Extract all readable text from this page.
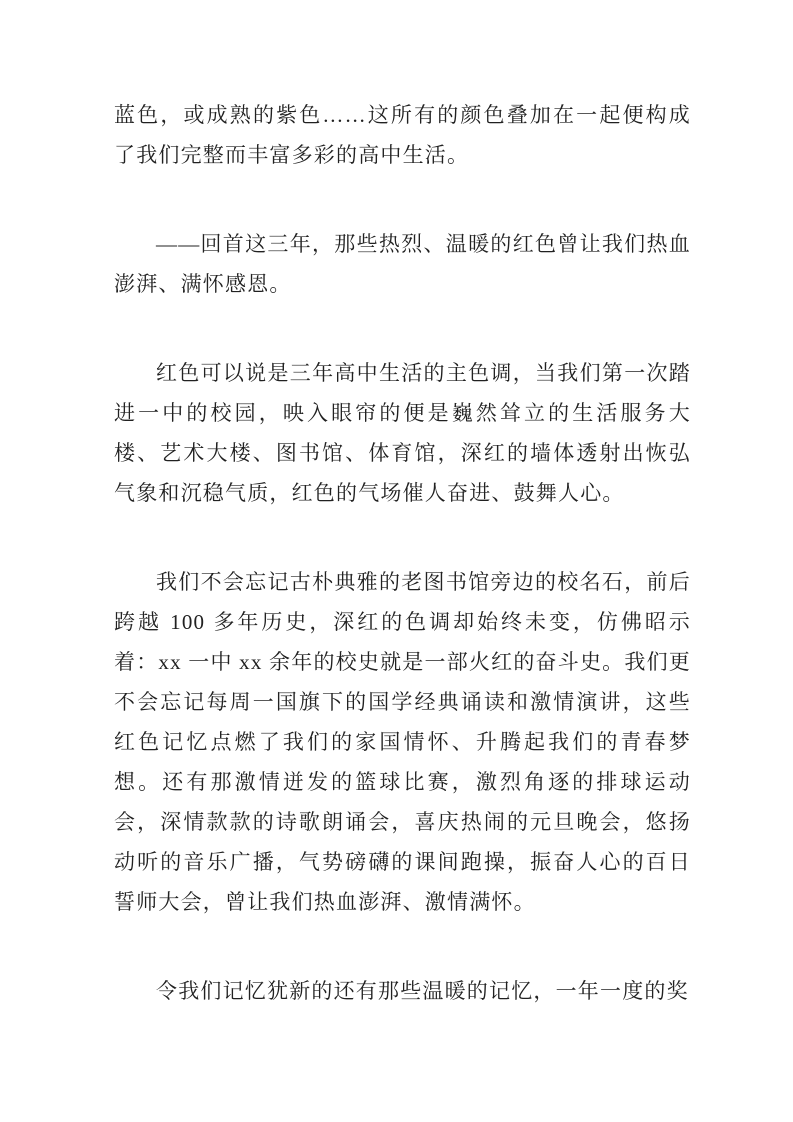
蓝色，或成熟的紫色……这所有的颜色叠加在一起便构成了我们完整而丰富多彩的高中生活。

——回首这三年，那些热烈、温暖的红色曾让我们热血澎湃、满怀感恩。

红色可以说是三年高中生活的主色调，当我们第一次踏进一中的校园，映入眼帘的便是巍然耸立的生活服务大楼、艺术大楼、图书馆、体育馆，深红的墙体透射出恢弘气象和沉稳气质，红色的气场催人奋进、鼓舞人心。

我们不会忘记古朴典雅的老图书馆旁边的校名石，前后跨越 100 多年历史，深红的色调却始终未变，仿佛昭示着：xx 一中 xx 余年的校史就是一部火红的奋斗史。我们更不会忘记每周一国旗下的国学经典诵读和激情演讲，这些红色记忆点燃了我们的家国情怀、升腾起我们的青春梦想。还有那激情迸发的篮球比赛，激烈角逐的排球运动会，深情款款的诗歌朗诵会，喜庆热闹的元旦晚会，悠扬动听的音乐广播，气势磅礴的课间跑操，振奋人心的百日誓师大会，曾让我们热血澎湃、激情满怀。

令我们记忆犹新的还有那些温暖的记忆，一年一度的奖
